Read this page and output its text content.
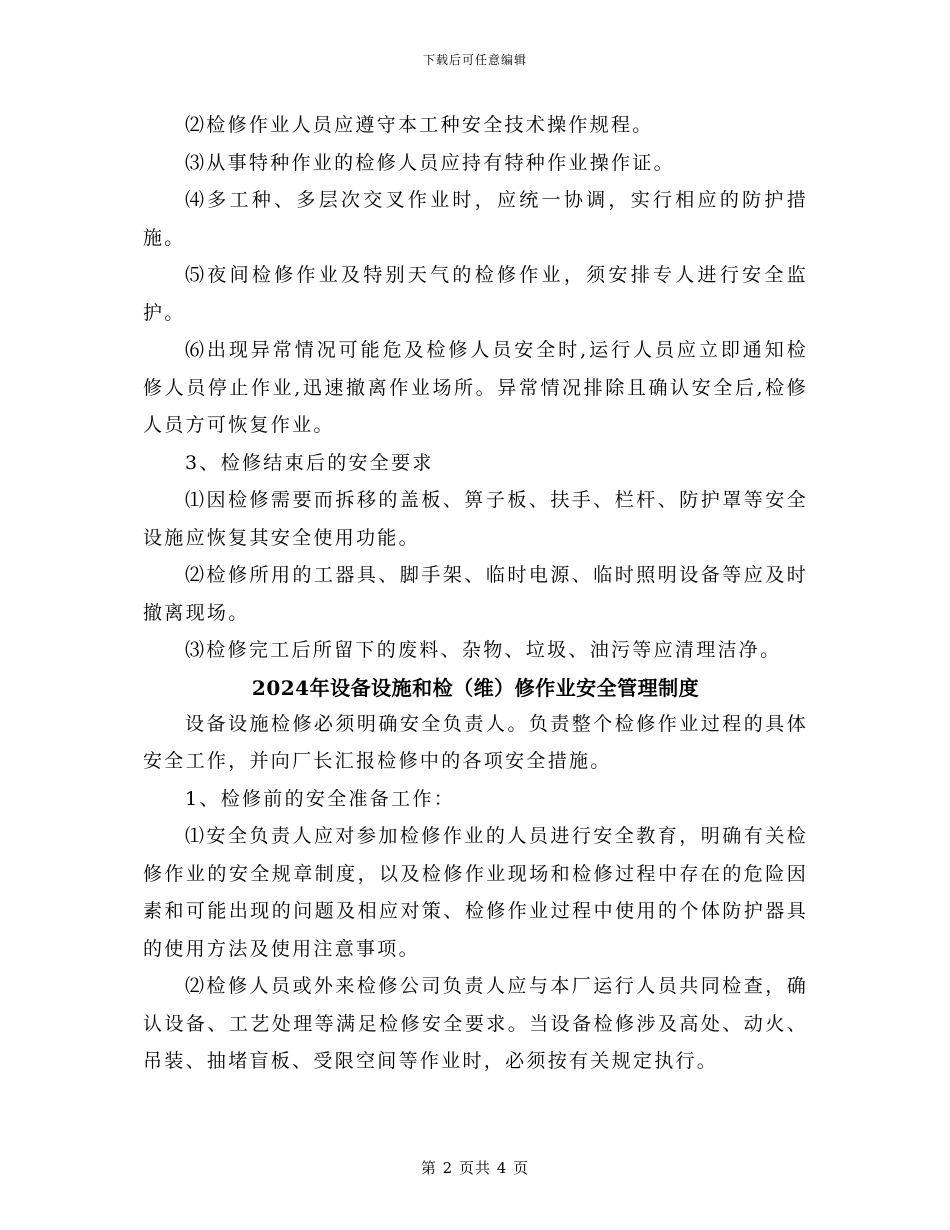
下载后可任意编辑

⑵检修作业人员应遵守本工种安全技术操作规程。

⑶从事特种作业的检修人员应持有特种作业操作证。

⑷多工种、多层次交叉作业时，应统一协调，实行相应的防护措施。

⑸夜间检修作业及特别天气的检修作业，须安排专人进行安全监护。

⑹出现异常情况可能危及检修人员安全时,运行人员应立即通知检修人员停止作业,迅速撤离作业场所。异常情况排除且确认安全后,检修人员方可恢复作业。

3、检修结束后的安全要求

⑴因检修需要而拆移的盖板、箅子板、扶手、栏杆、防护罩等安全设施应恢复其安全使用功能。

⑵检修所用的工器具、脚手架、临时电源、临时照明设备等应及时撤离现场。

⑶检修完工后所留下的废料、杂物、垃圾、油污等应清理洁净。

2024年设备设施和检（维）修作业安全管理制度

设备设施检修必须明确安全负责人。负责整个检修作业过程的具体安全工作，并向厂长汇报检修中的各项安全措施。

1、检修前的安全准备工作：

⑴安全负责人应对参加检修作业的人员进行安全教育，明确有关检修作业的安全规章制度，以及检修作业现场和检修过程中存在的危险因素和可能出现的问题及相应对策、检修作业过程中使用的个体防护器具的使用方法及使用注意事项。

⑵检修人员或外来检修公司负责人应与本厂运行人员共同检查，确认设备、工艺处理等满足检修安全要求。当设备检修涉及高处、动火、吊装、抽堵盲板、受限空间等作业时，必须按有关规定执行。

第 2 页共 4 页
